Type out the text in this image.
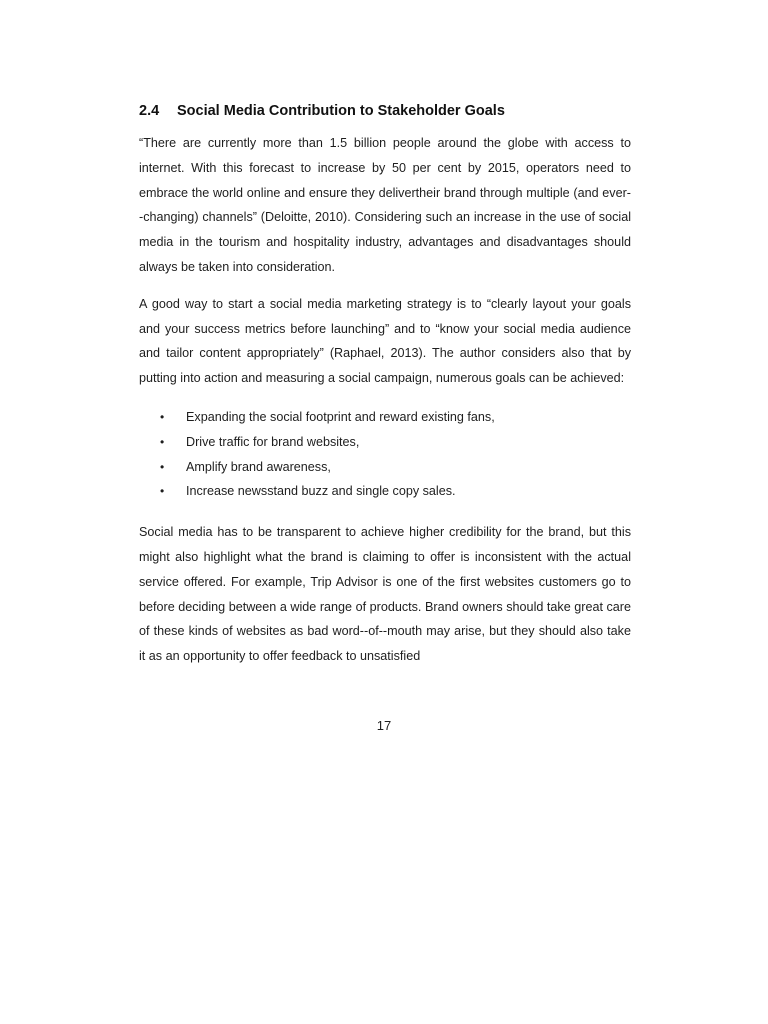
2.4 Social Media Contribution to Stakeholder Goals

“There are currently more than 1.5 billion people around the globe with access to internet. With this forecast to increase by 50 per cent by 2015, operators need to embrace the world online and ensure they delivertheir brand through multiple (and ever--changing) channels” (Deloitte, 2010). Considering such an increase in the use of social media in the tourism and hospitality industry, advantages and disadvantages should always be taken into consideration.

A good way to start a social media marketing strategy is to “clearly layout your goals and your success metrics before launching” and to “know your social media audience and tailor content appropriately” (Raphael, 2013). The author considers also that by putting into action and measuring a social campaign, numerous goals can be achieved:

• Expanding the social footprint and reward existing fans,
• Drive traffic for brand websites,
• Amplify brand awareness,
• Increase newsstand buzz and single copy sales.

Social media has to be transparent to achieve higher credibility for the brand, but this might also highlight what the brand is claiming to offer is inconsistent with the actual service offered. For example, Trip Advisor is one of the first websites customers go to before deciding between a wide range of products. Brand owners should take great care of these kinds of websites as bad word--of--mouth may arise, but they should also take it as an opportunity to offer feedback to unsatisfied

17
